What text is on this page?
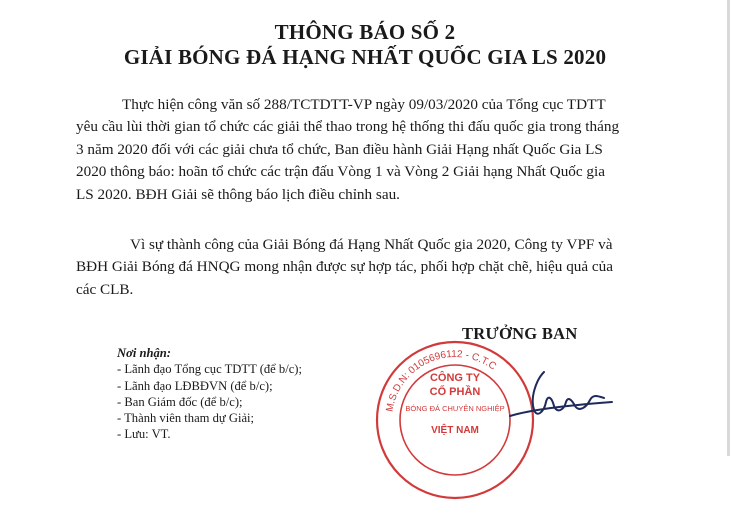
THÔNG BÁO SỐ 2
GIẢI BÓNG ĐÁ HẠNG NHẤT QUỐC GIA LS 2020
Thực hiện công văn số 288/TCTDTT-VP ngày 09/03/2020 của Tổng cục TDTT
yêu cầu lùi thời gian tổ chức các giải thể thao trong hệ thống thi đấu quốc gia trong tháng
3 năm 2020 đối với các giải chưa tổ chức, Ban điều hành Giải Hạng nhất Quốc Gia LS
2020 thông báo: hoãn tổ chức các trận đấu Vòng 1 và Vòng 2 Giải hạng Nhất Quốc gia
LS 2020. BĐH Giải sẽ thông báo lịch điều chỉnh sau.
Vì sự thành công của Giải Bóng đá Hạng Nhất Quốc gia 2020, Công ty VPF và
BĐH Giải Bóng đá HNQG mong nhận được sự hợp tác, phối hợp chặt chẽ, hiệu quả của
các CLB.
TRƯỞNG BAN
Nơi nhận:
- Lãnh đạo Tổng cục TDTT (để b/c);
- Lãnh đạo LĐBĐVN (để b/c);
- Ban Giám đốc (để b/c);
- Thành viên tham dự Giải;
- Lưu: VT.
M.S.D.N: 0105696112 - C.T.C
CÔNG TY
CỔ PHẦN
BÓNG ĐÁ CHUYÊN NGHIỆP
VIỆT NAM
